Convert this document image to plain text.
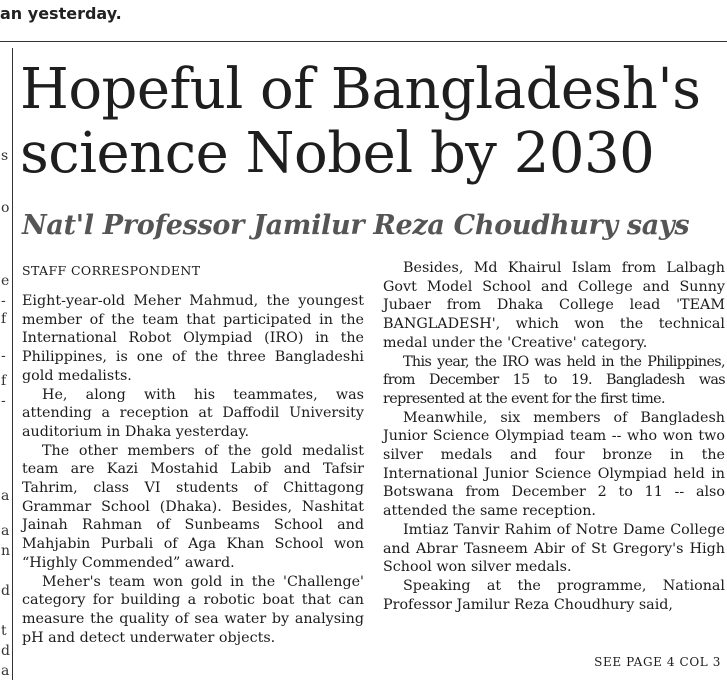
an yesterday.
s
o
e
-
f
-
f
-
a
a
n
d
t
d
a
Hopeful of Bangladesh's
science Nobel by 2030
Nat'l Professor Jamilur Reza Choudhury says
STAFF CORRESPONDENT

Eight-year-old Meher Mahmud, the youngest member of the team that participated in the International Robot Olympiad (IRO) in the Philippines, is one of the three Bangladeshi gold medalists.

He, along with his teammates, was attending a reception at Daffodil University auditorium in Dhaka yesterday.

The other members of the gold medalist team are Kazi Mostahid Labib and Tafsir Tahrim, class VI students of Chittagong Grammar School (Dhaka). Besides, Nashitat Jainah Rahman of Sunbeams School and Mahjabin Purbali of Aga Khan School won “Highly Commended” award.

Meher's team won gold in the 'Challenge' category for building a robotic boat that can measure the quality of sea water by analysing pH and detect underwater objects.

Besides, Md Khairul Islam from Lalbagh Govt Model School and College and Sunny Jubaer from Dhaka College lead 'TEAM BANGLADESH', which won the technical medal under the 'Creative' category.

This year, the IRO was held in the Philippines, from December 15 to 19. Bangladesh was represented at the event for the first time.

Meanwhile, six members of Bangladesh Junior Science Olympiad team -- who won two silver medals and four bronze in the International Junior Science Olympiad held in Botswana from December 2 to 11 -- also attended the same reception.

Imtiaz Tanvir Rahim of Notre Dame College and Abrar Tasneem Abir of St Gregory's High School won silver medals.

Speaking at the programme, National Professor Jamilur Reza Choudhury said,

SEE PAGE 4 COL 3
